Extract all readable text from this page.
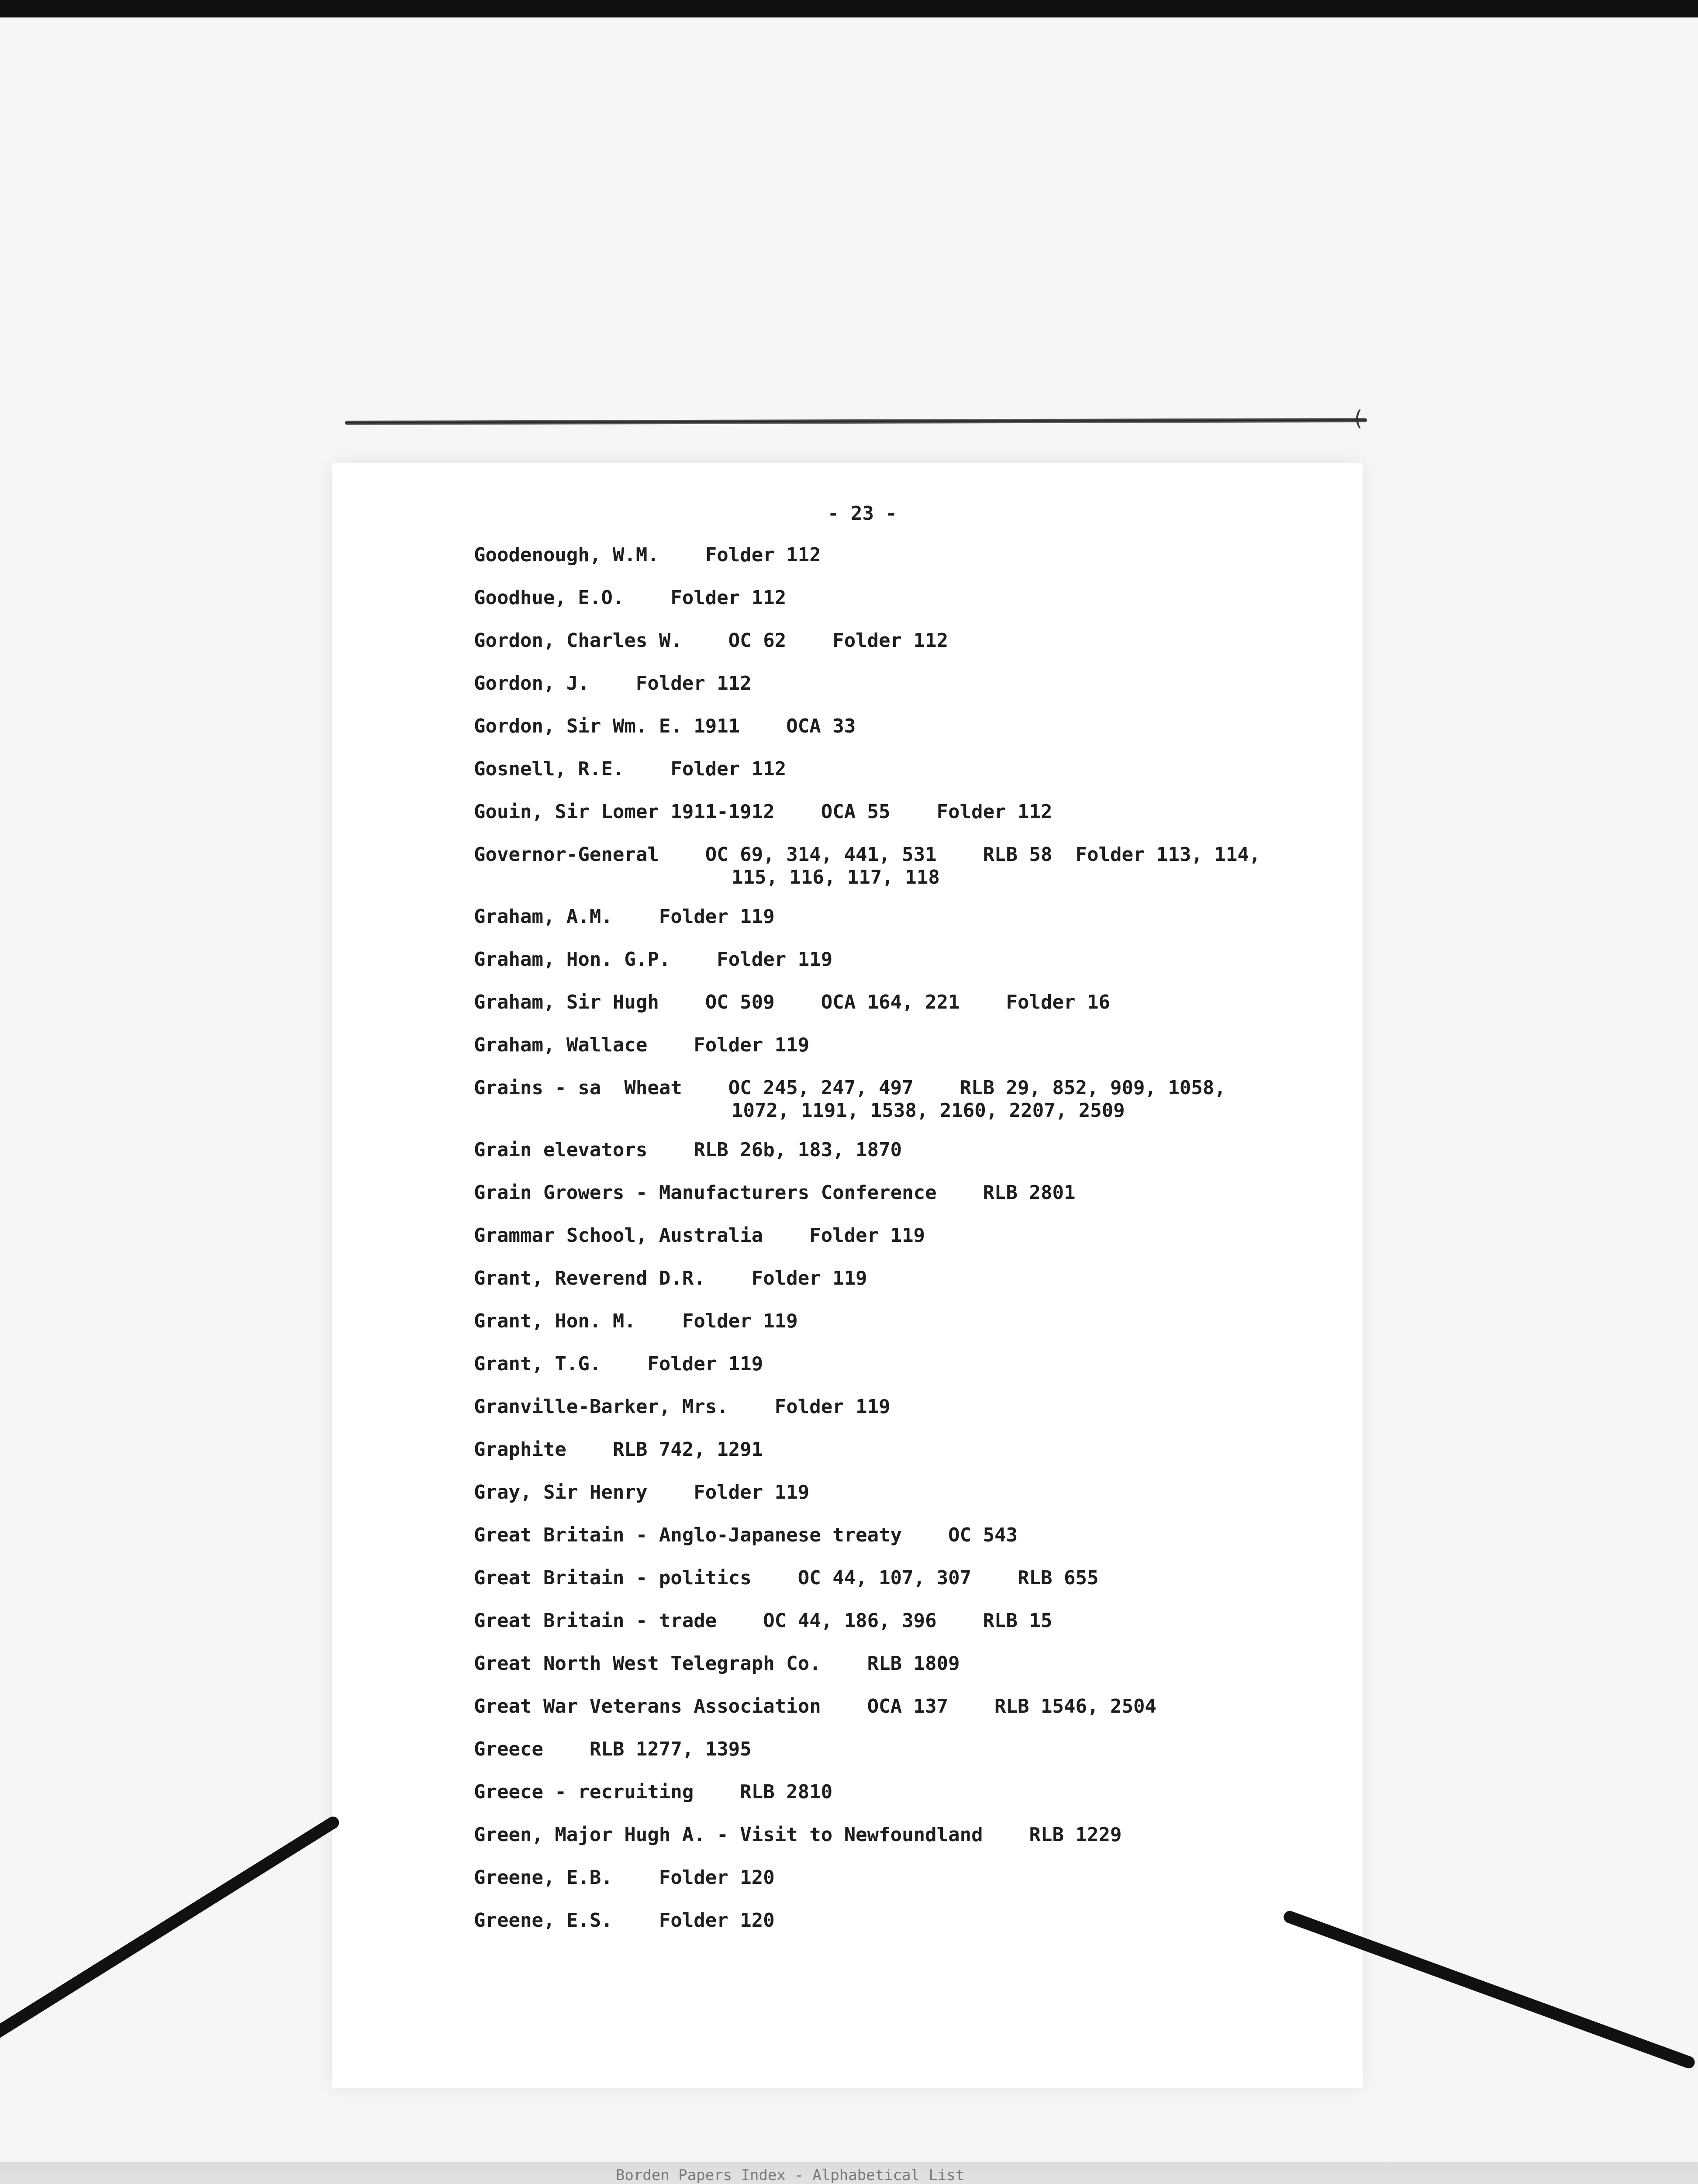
(
- 23 -
Goodenough, W.M.    Folder 112
Goodhue, E.O.    Folder 112
Gordon, Charles W.    OC 62    Folder 112
Gordon, J.    Folder 112
Gordon, Sir Wm. E. 1911    OCA 33
Gosnell, R.E.    Folder 112
Gouin, Sir Lomer 1911-1912    OCA 55    Folder 112
Governor-General    OC 69, 314, 441, 531    RLB 58  Folder 113, 114,
115, 116, 117, 118
Graham, A.M.    Folder 119
Graham, Hon. G.P.    Folder 119
Graham, Sir Hugh    OC 509    OCA 164, 221    Folder 16
Graham, Wallace    Folder 119
Grains - sa  Wheat    OC 245, 247, 497    RLB 29, 852, 909, 1058,
1072, 1191, 1538, 2160, 2207, 2509
Grain elevators    RLB 26b, 183, 1870
Grain Growers - Manufacturers Conference    RLB 2801
Grammar School, Australia    Folder 119
Grant, Reverend D.R.    Folder 119
Grant, Hon. M.    Folder 119
Grant, T.G.    Folder 119
Granville-Barker, Mrs.    Folder 119
Graphite    RLB 742, 1291
Gray, Sir Henry    Folder 119
Great Britain - Anglo-Japanese treaty    OC 543
Great Britain - politics    OC 44, 107, 307    RLB 655
Great Britain - trade    OC 44, 186, 396    RLB 15
Great North West Telegraph Co.    RLB 1809
Great War Veterans Association    OCA 137    RLB 1546, 2504
Greece    RLB 1277, 1395
Greece - recruiting    RLB 2810
Green, Major Hugh A. - Visit to Newfoundland    RLB 1229
Greene, E.B.    Folder 120
Greene, E.S.    Folder 120
Borden Papers Index - Alphabetical List
